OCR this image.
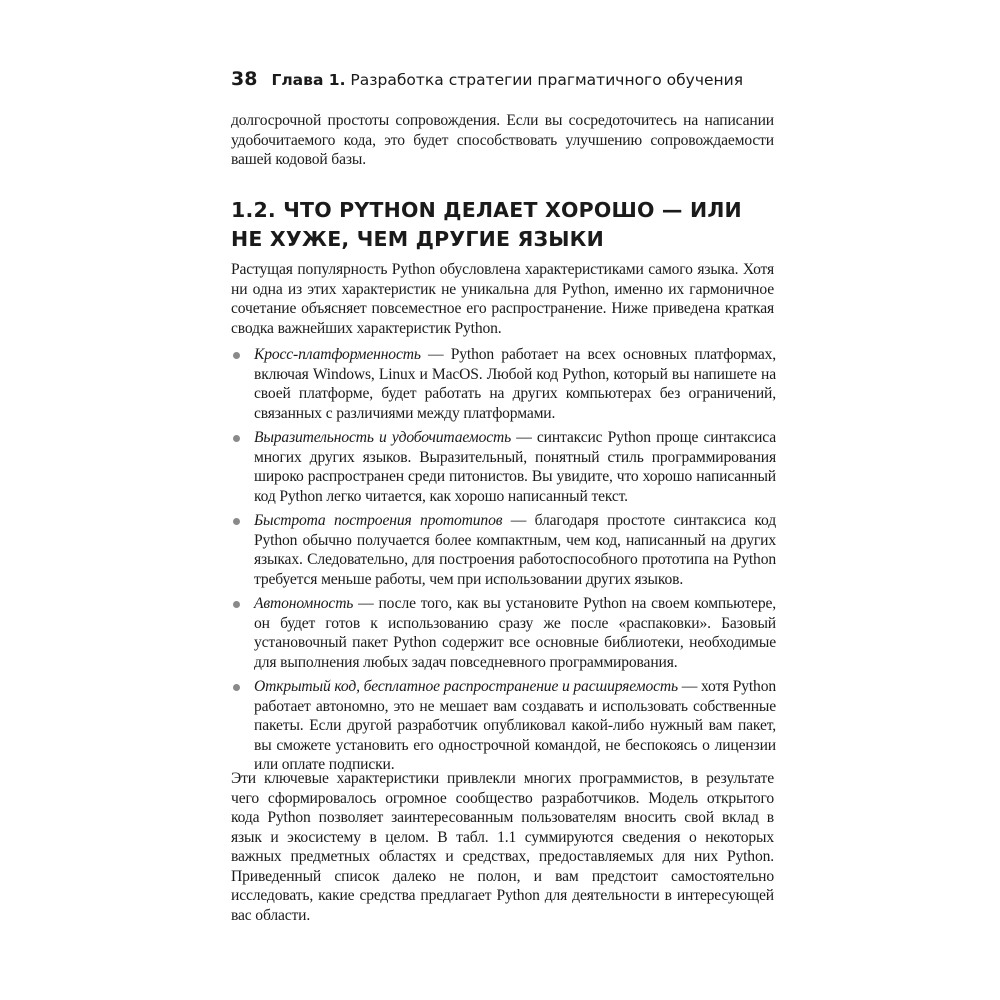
38 Глава 1. Разработка стратегии прагматичного обучения

долгосрочной простоты сопровождения. Если вы сосредоточитесь на написании удобочитаемого кода, это будет способствовать улучшению сопровождаемости вашей кодовой базы.

1.2. ЧТО PYTHON ДЕЛАЕТ ХОРОШО — ИЛИ НЕ ХУЖЕ, ЧЕМ ДРУГИЕ ЯЗЫКИ

Растущая популярность Python обусловлена характеристиками самого языка. Хотя ни одна из этих характеристик не уникальна для Python, именно их гармоничное сочетание объясняет повсеместное его распространение. Ниже приведена краткая сводка важнейших характеристик Python.

Кросс-платформенность — Python работает на всех основных платформах, включая Windows, Linux и MacOS. Любой код Python, который вы напишете на своей платформе, будет работать на других компьютерах без ограничений, связанных с различиями между платформами.
Выразительность и удобочитаемость — синтаксис Python проще синтаксиса многих других языков. Выразительный, понятный стиль программирования широко распространен среди питонистов. Вы увидите, что хорошо написанный код Python легко читается, как хорошо написанный текст.
Быстрота построения прототипов — благодаря простоте синтаксиса код Python обычно получается более компактным, чем код, написанный на других языках. Следовательно, для построения работоспособного прототипа на Python требуется меньше работы, чем при использовании других языков.
Автономность — после того, как вы установите Python на своем компьютере, он будет готов к использованию сразу же после «распаковки». Базовый установочный пакет Python содержит все основные библиотеки, необходимые для выполнения любых задач повседневного программирования.
Открытый код, бесплатное распространение и расширяемость — хотя Python работает автономно, это не мешает вам создавать и использовать собственные пакеты. Если другой разработчик опубликовал какой-либо нужный вам пакет, вы сможете установить его однострочной командой, не беспокоясь о лицензии или оплате подписки.

Эти ключевые характеристики привлекли многих программистов, в результате чего сформировалось огромное сообщество разработчиков. Модель открытого кода Python позволяет заинтересованным пользователям вносить свой вклад в язык и экосистему в целом. В табл. 1.1 суммируются сведения о некоторых важных предметных областях и средствах, предоставляемых для них Python. Приведенный список далеко не полон, и вам предстоит самостоятельно исследовать, какие средства предлагает Python для деятельности в интересующей вас области.
